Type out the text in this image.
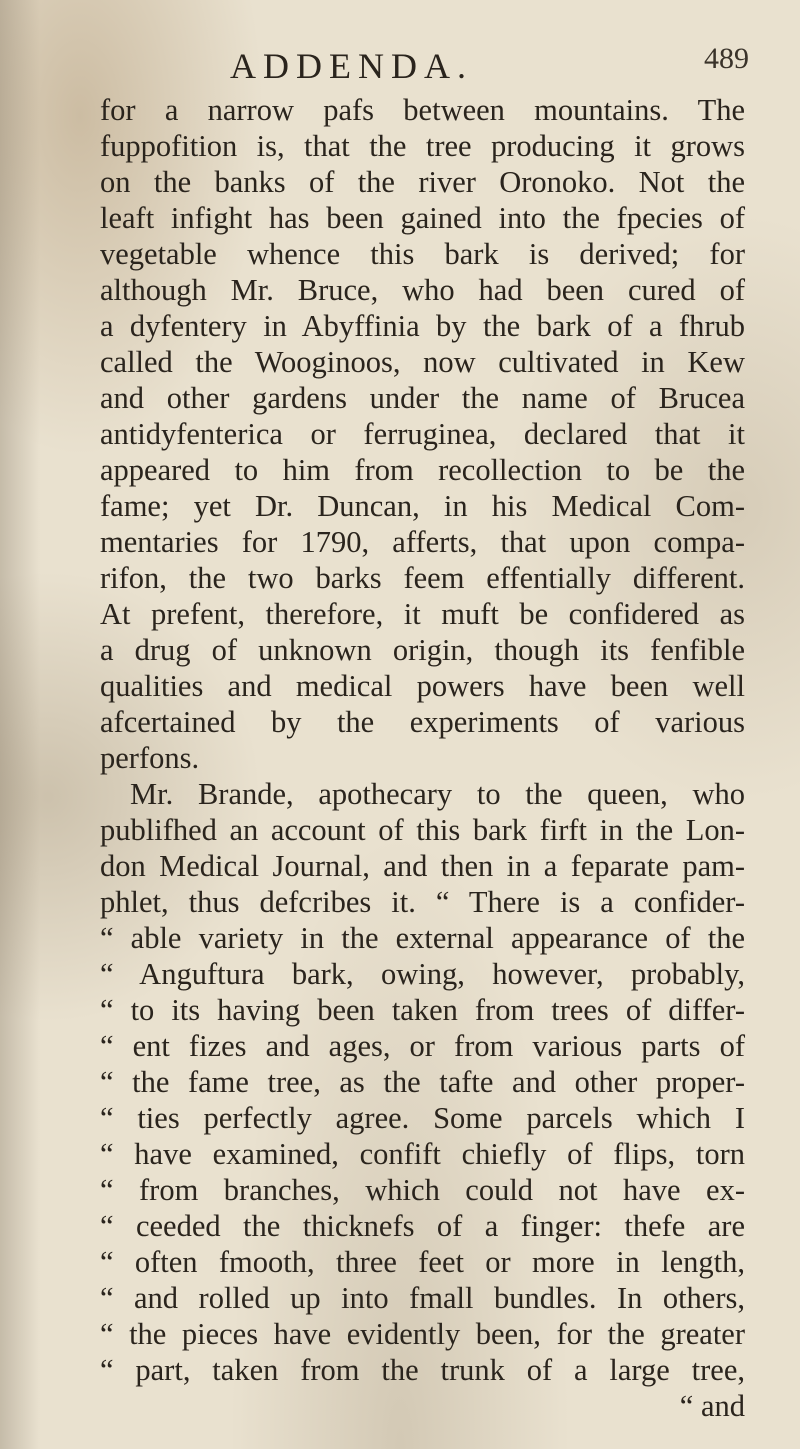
ADDENDA.	489
for a narrow pafs between mountains. The
fuppofition is, that the tree producing it grows
on the banks of the river Oronoko. Not the
leaft infight has been gained into the fpecies of
vegetable whence this bark is derived; for
although Mr. Bruce, who had been cured of
a dyfentery in Abyffinia by the bark of a fhrub
called the Wooginoos, now cultivated in Kew
and other gardens under the name of Brucea
antidyfenterica or ferruginea, declared that it
appeared to him from recollection to be the
fame; yet Dr. Duncan, in his Medical Com-
mentaries for 1790, afferts, that upon compa-
rifon, the two barks feem effentially different.
At prefent, therefore, it muft be confidered as
a drug of unknown origin, though its fenfible
qualities and medical powers have been well
afcertained by the experiments of various
perfons.
Mr. Brande, apothecary to the queen, who
publifhed an account of this bark firft in the Lon-
don Medical Journal, and then in a feparate pam-
phlet, thus defcribes it. “ There is a confider-
“ able variety in the external appearance of the
“ Anguftura bark, owing, however, probably,
“ to its having been taken from trees of differ-
“ ent fizes and ages, or from various parts of
“ the fame tree, as the tafte and other proper-
“ ties perfectly agree. Some parcels which I
“ have examined, confift chiefly of flips, torn
“ from branches, which could not have ex-
“ ceeded the thicknefs of a finger: thefe are
“ often fmooth, three feet or more in length,
“ and rolled up into fmall bundles. In others,
“ the pieces have evidently been, for the greater
“ part, taken from the trunk of a large tree,
“ and
